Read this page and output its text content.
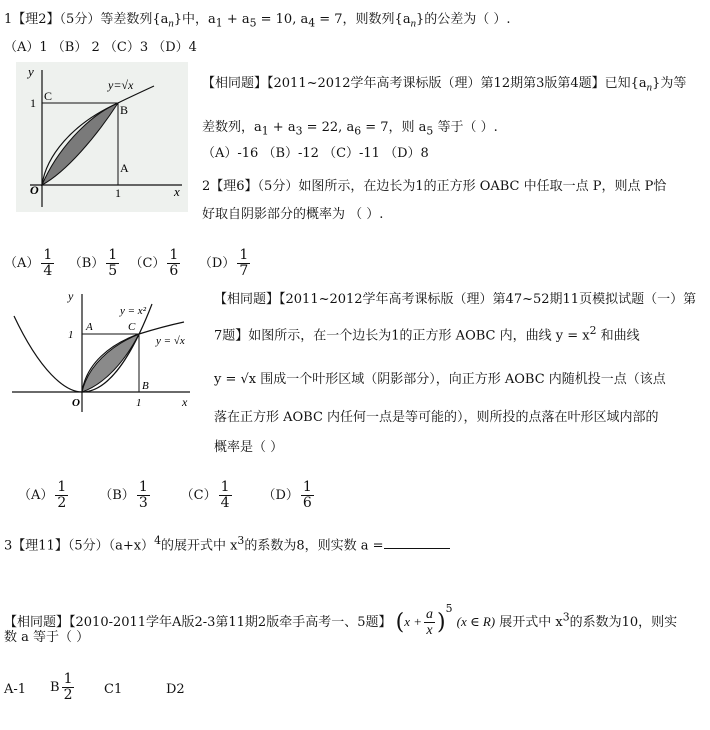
1【理2】（5分）等差数列$\{a_n\}$中，$a_1 + a_5 = 10$, $a_4 = 7$，则数列$\{a_n\}$的公差为（ ）.
（A）1 （B） 2 （C）3 （D）4
y
x
O
C
B
A
1
1
y=√x	【相同题】【2011~2012学年高考课标版（理）第12期第3版第4题】已知$\{a_n\}$为等
差数列，$a_1 + a_3 = 22$, $a_6 = 7$，则 $a_5$ 等于（ ）.
（A）-16 （B）-12 （C）-11 （D）8
2【理6】（5分）如图所示，在边长为1的正方形 OABC 中任取一点 P，则点 P恰
好取自阴影部分的概率为 （ ）.
$(A) \frac{1}{4} (B) \frac{1}{5} (C) \frac{1}{6} (D) \frac{1}{7}$
y
x
O
A
B
C
1
1
y = x²
y = √x
【相同题】【2011~2012学年高考课标版（理）第47~52期11页模拟试题（一）第
7题】如图所示，在一个边长为1的正方形 AOBC 内，曲线 $y = x^2$ 和曲线
y = √x 围成一个叶形区域（阴影部分），向正方形 AOBC 内随机投一点（该点
落在正方形 AOBC 内任何一点是等可能的），则所投的点落在叶形区域内部的
概率是（ ）
$(A) \frac{1}{2} (B) \frac{1}{3} (C) \frac{1}{4} (D) \frac{1}{6}$
3【理11】（5分）$(a+x)^4$的展开式中 $x^3$的系数为8，则实数 a =
【相同题】【2010-2011学年A版2-3第11期2版牵手高考一、5题】 $(x + \frac{a}{x} )^5$ (x ∈ R) 展开式中 $x^3$的系数为10，则实
数 a 等于（ ）
A-1 B $\frac{1}{2} C1$	D2
